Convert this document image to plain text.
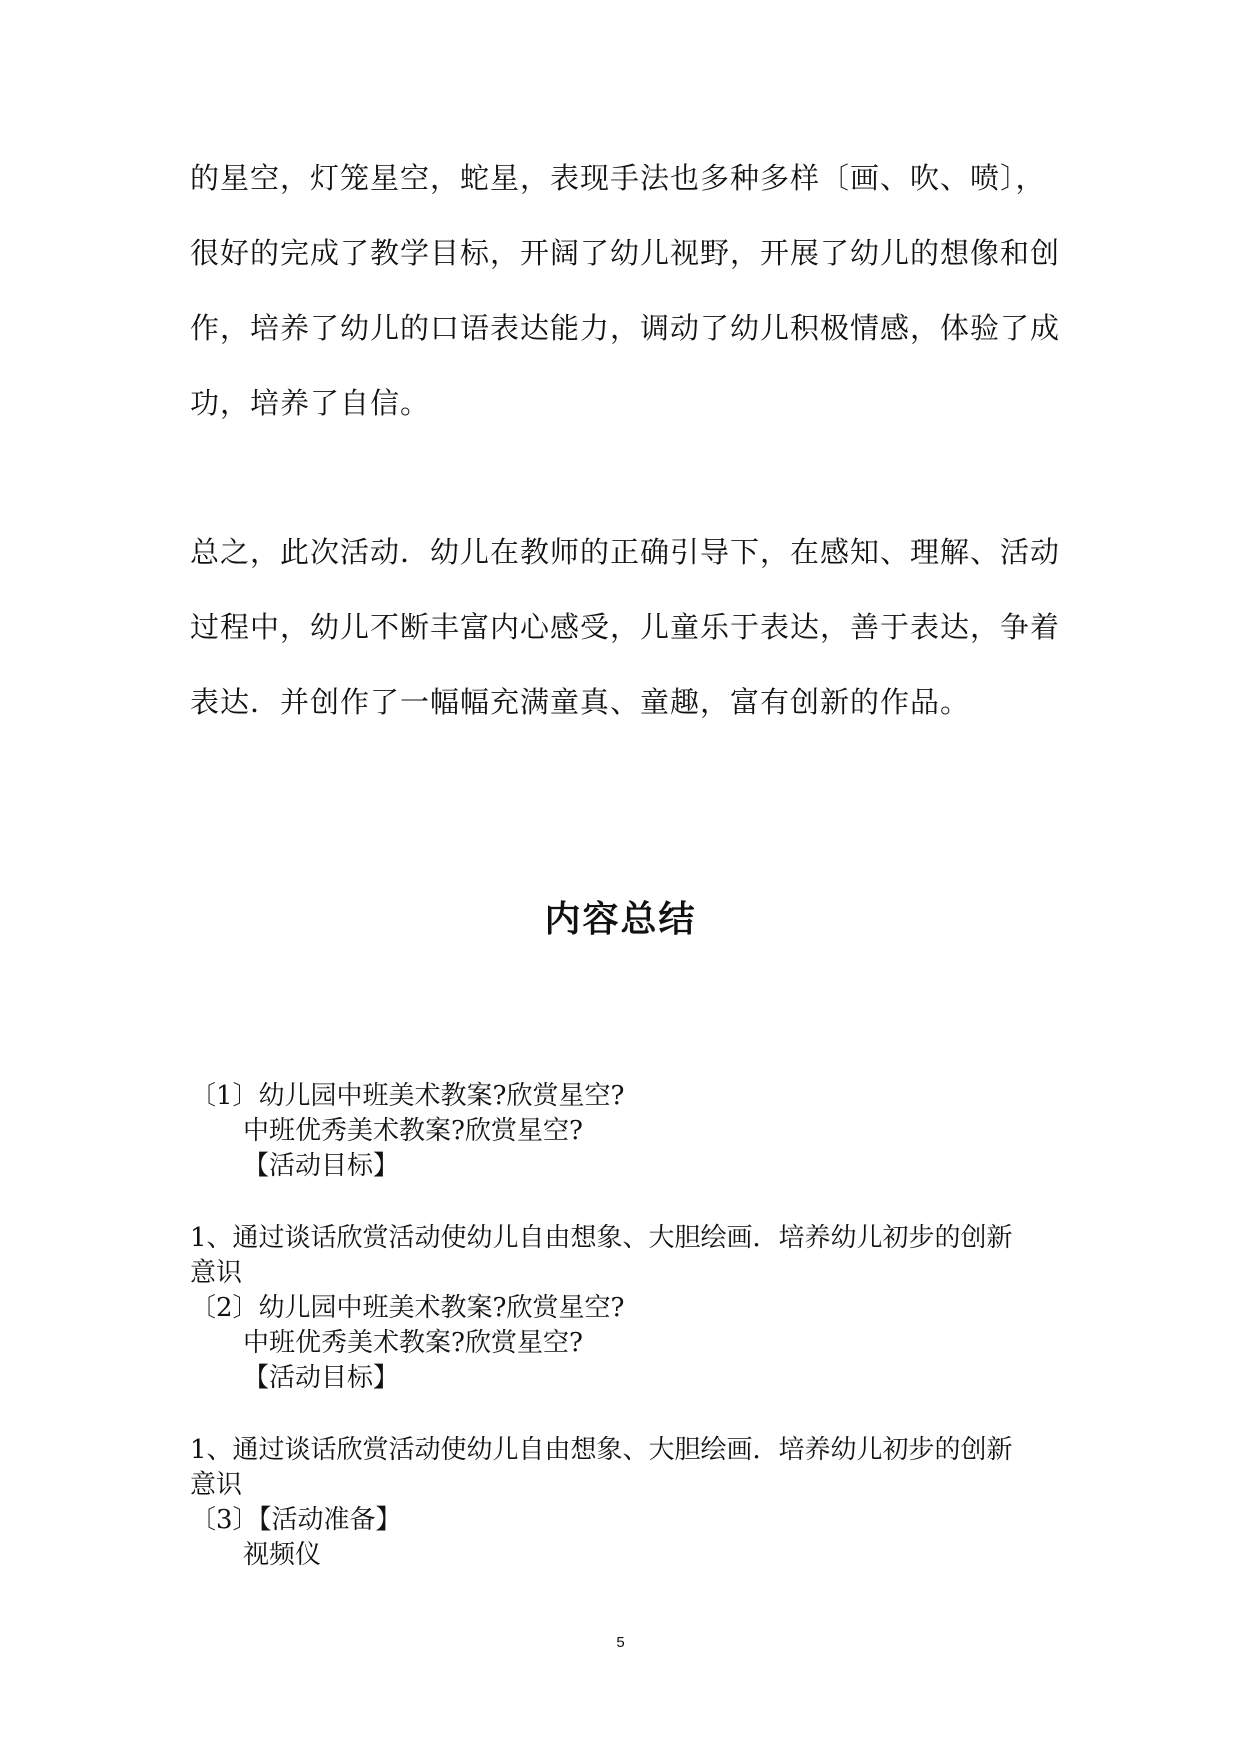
的星空，灯笼星空，蛇星，表现手法也多种多样〔画、吹、喷〕，
很好的完成了教学目标，开阔了幼儿视野，开展了幼儿的想像和创
作，培养了幼儿的口语表达能力，调动了幼儿积极情感，体验了成
功，培养了自信。
总之，此次活动．幼儿在教师的正确引导下，在感知、理解、活动
过程中，幼儿不断丰富内心感受，儿童乐于表达，善于表达，争着
表达．并创作了一幅幅充满童真、童趣，富有创新的作品。
内容总结
〔1〕幼儿园中班美术教案?欣赏星空?
中班优秀美术教案?欣赏星空?
【活动目标】
1、通过谈话欣赏活动使幼儿自由想象、大胆绘画．培养幼儿初步的创新
意识
〔2〕幼儿园中班美术教案?欣赏星空?
中班优秀美术教案?欣赏星空?
【活动目标】
1、通过谈话欣赏活动使幼儿自由想象、大胆绘画．培养幼儿初步的创新
意识
〔3〕【活动准备】
视频仪
5
